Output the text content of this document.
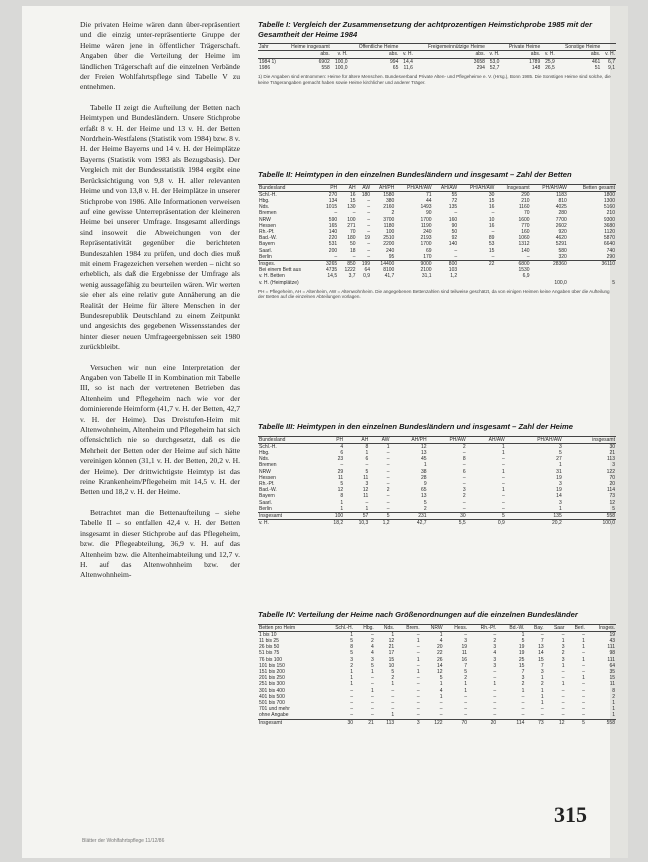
Die privaten Heime wären dann über-repräsentiert und die einzig unter-repräsentierte Gruppe der Heime wären jene in öffentlicher Trägerschaft. Angaben über die Verteilung der Heime im ländlichen Trägerschaft auf die einzelnen Verbände der Freien Wohlfahrtspflege sind Tabelle V zu entnehmen.

Tabelle II zeigt die Aufteilung der Betten nach Heimtypen und Bundesländern. Unsere Stichprobe erfaßt 8 v. H. der Heime und 13 v. H. der Betten Nordrhein-Westfalens (Statistik vom 1984) bzw. 8 v. H. der Heime Bayerns und 14 v. H. der Heimplätze Bayerns (Statistik vom 1983 als Bezugsbasis). Der Vergleich mit der Bundesstatistik 1984 ergibt eine Berücksichtigung von 9,8 v. H. aller relevanten Heime und von 13,8 v. H. der Heimplätze in unserer Stichprobe von 1986. Alle Informationen verweisen auf eine gewisse Unterrepräsentation der kleineren Heime bei unserer Umfrage. Insgesamt allerdings sind insoweit die Abweichungen von der Repräsentativität gegenüber die berichteten Bundeszahlen 1984 zu prüfen, und doch dies muß mit einem Fragezeichen versehen werden – nicht so erheblich, als daß die Ergebnisse der Umfrage als wenig aussagefähig zu beurteilen wären. Wir werten sie eher als eine relativ gute Annäherung an die Realität der Heime für ältere Menschen in der Bundesrepublik Deutschland zu einem Zeitpunkt und angesichts des gegebenen Wissensstandes der hinter dieser neuen Umfrageergebnissen seit 1980 zurückbleibt.

Versuchen wir nun eine Interpretation der Angaben von Tabelle II in Kombination mit Tabelle III, so ist nach der vertretenen Betrieben das Altenheim und Pflegeheim nach wie vor der dominierende Heimform (41,7 v. H. der Betten, 42,7 v. H. der Heime). Das Dreistufen-Heim mit Altenwohnheim, Altenheim und Pflegeheim hat sich offensichtlich nie so durchgesetzt, daß es die Mehrheit der Betten oder der Heime auf sich hätte vereinigen können (31,1 v. H. der Betten, 20,2 v. H. der Heime). Der drittwichtigste Heimtyp ist das reine Krankenheim/Pflegeheim mit 14,5 v. H. der Betten und 18,2 v. H. der Heime.

Betrachtet man die Bettenaufteilung – siehe Tabelle II – so entfallen 42,4 v. H. der Betten insgesamt in dieser Stichprobe auf das Pflegeheim, bzw. die Pflegeabteilung, 36,9 v. H. auf das Altenheim bzw. die Altenheimabteilung und 12,7 v. H. auf das Altenwohnheim bzw. der Altenwohnheim-

Tabelle I: Vergleich der Zusammensetzung der achtprozentigen Heimstichprobe 1985 mit der Gesamtheit der Heime 1984
Jahr	Heime insgesamt		Öffentliche Heime		Freigemeinnützige Heime		Private Heime		Sonstige Heime	
	abs.	v. H.	abs.	v. H.	abs.	v. H.	abs.	v. H.	abs.	v. H.
1984 1)	6902	100,0	994	14,4	3658	53,0	1789	25,9	461	6,7
1986	558	100,0	65	11,6	294	52,7	148	26,5	51	9,1
1) Die Angaben sind entnommen: Heime für ältere Menschen. Bundesverband Private Alten- und Pflegeheime e. V. (Hrsg.), Bonn 1985. Die Sonstigen Heime sind solche, die keine Trägerangaben gemacht haben sowie Heime kirchlicher und anderer Träger.
Tabelle II: Heimtypen in den einzelnen Bundesländern und insgesamt – Zahl der Betten
Bundesland	PH	AH	AW	AH/PH	PH/AH/AW	AH/AW	PH/AH/AW	Insgesamt	PH/AH/AW	Betten gesamt
Schl.-H.	270	16	180	1580	71	55	30	290	1183	1800
Hbg.	134	15	–	380	44	72	15	210	810	1300
Nds.	1015	130	–	2160	1493	135	16	1160	4025	5160
Bremen	–	–	–	2	90	–	–	70	280	210
NRW	590	100	–	3700	1700	160	10	1600	7700	9300
Hessen	165	271	–	1180	1190	90	16	770	2602	3680
Rh.-Pf.	140	70	–	100	240	50	–	160	920	1120
Bad.-W.	220	180	19	2510	2193	92	89	1060	4620	5870
Bayern	531	50	–	2200	1700	140	53	1312	5291	6640
Saarl.	200	18	–	240	69	–	15	140	580	740
Berlin	–	–	–	95	170	–	–	–	320	290
Insges.	3265	850	199	14400	9000	800	22	6800	28360	36110
Bei einem Bett aus	4735	1222	64	8100	2100	103		1530		
v. H. Betten	14,5	3,7	0,9	41,7	31,1	1,2		6,9		
v. H. (Heimplätze)									100,0	5
PH = Pflegeheim, AH = Altenheim, AW = Altenwohnheim. Die angegebenen Bettenzahlen sind teilweise geschätzt, da von einigen Heimen keine Angaben über die Aufteilung der Betten auf die einzelnen Abteilungen vorlagen.
Tabelle III: Heimtypen in den einzelnen Bundesländern und insgesamt – Zahl der Heime
Bundesland	PH	AH	AW	AH/PH	PH/AW	AH/AW	PH/AH/AW	insgesamt
Schl.-H.	4	8	1	12	2	1	3	30
Hbg.	6	1	–	13	–	1	5	21
Nds.	23	6	–	45	8	–	27	113
Bremen	–	–	–	1	–	–	1	3
NRW	29	5	–	38	6	1	31	122
Hessen	11	11	–	28	–	–	19	70
Rh.-Pf.	5	3	–	9	–	–	3	20
Bad.-W.	12	12	2	65	3	1	19	114
Bayern	8	11	–	13	2	–	14	73
Saarl.	1	–	–	5	–	–	3	12
Berlin	1	1	–	2	–	–	1	5
Insgesamt	100	57	5	231	30	5	135	558
v. H.	18,2	10,3	1,2	42,7	5,5	0,9	20,2	100,0
Tabelle IV: Verteilung der Heime nach Größenordnungen auf die einzelnen Bundesländer
Betten pro Heim	Schl.-H.	Hbg.	Nds.	Brem.	NRW	Hess.	Rh.-Pf.	Bd.-W.	Bay.	Saar	Berl.	Insges.
1 bis 10	1	–	1	–	1	–	–	1	–	–	–	19
11 bis 25	5	2	12	1	4	3	2	5	7	1	1	43
26 bis 50	8	4	21	–	20	19	3	19	13	3	1	111
51 bis 75	5	4	17	–	22	11	4	19	14	2	–	98
76 bis 100	3	3	15	1	26	16	3	25	15	3	1	111
101 bis 150	2	5	10	–	14	7	3	15	7	1	–	64
151 bis 200	1	1	5	1	12	5	–	7	3	–	–	35
201 bis 250	1	–	2	–	5	2	–	3	1	–	1	15
251 bis 300	1	–	1	–	1	1	1	2	2	1	–	11
301 bis 400	–	1	–	–	4	1	–	1	1	–	–	8
401 bis 500	–	–	–	–	1	–	–	–	1	–	–	2
501 bis 700	–	–	–	–	–	–	–	–	1	–	–	1
701 und mehr	–	–	–	–	–	–	–	–	–	–	–	1
ohne Angabe	–	–	1	–	–	–	–	–	–	–	–	1
Insgesamt	30	21	113	3	122	70	20	114	73	12	5	558
315
Blätter der Wohlfahrtspflege 11/12/86
